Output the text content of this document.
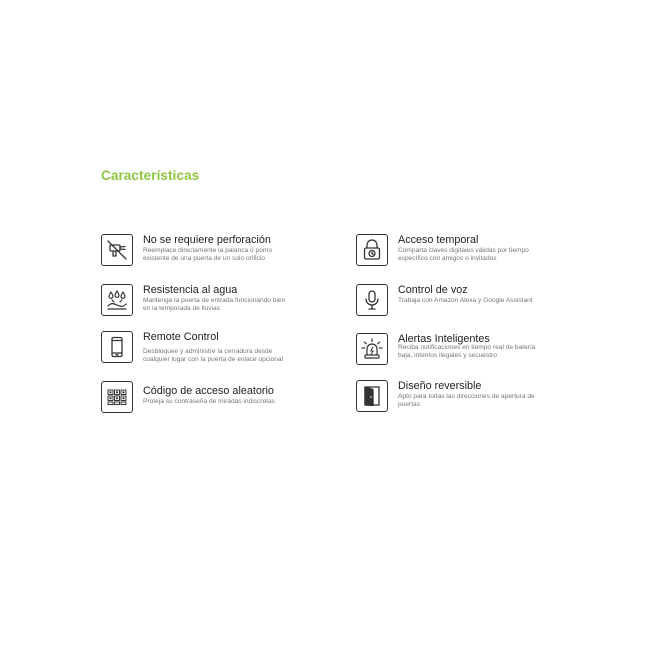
Características
No se requiere perforación
Reemplace directamente la palanca o pomo
existente de una puerta de un solo orificio
Acceso temporal
Comparta claves digitales válidas por tiempo
específico con amigos o invitados
Resistencia al agua
Mantenga la puerta de entrada funcionando bien
en la temporada de lluvias
Control de voz
Trabaja con Amazon Alexa y Google Assistant
Remote Control
Desbloquee y administre la cerradura desde
cualquier lugar con la puerta de enlace opcional
Alertas Inteligentes
Reciba notificaciones en tiempo real de batería
baja, intentos ilegales y secuestro
Código de acceso aleatorio
Proteja su contraseña de miradas indiscretas
Diseño reversible
Apto para todas las direcciones de apertura de
puertas
